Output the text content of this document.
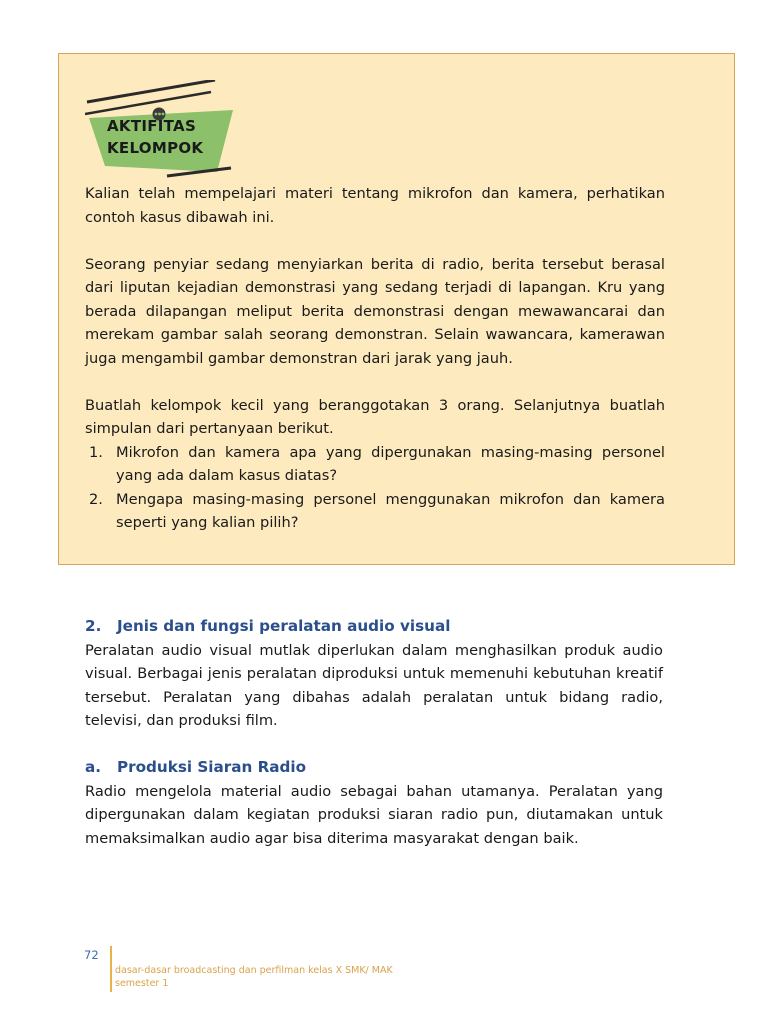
AKTIFITAS
KELOMPOK

Kalian telah mempelajari materi tentang mikrofon dan kamera, perhatikan contoh kasus dibawah ini.

Seorang penyiar sedang menyiarkan berita di radio, berita tersebut berasal dari liputan kejadian demonstrasi yang sedang terjadi di lapangan. Kru yang berada dilapangan meliput berita demonstrasi dengan mewawancarai dan merekam gambar salah seorang demonstran. Selain wawancara, kamerawan juga mengambil gambar demonstran dari jarak yang jauh.

Buatlah kelompok kecil yang beranggotakan 3 orang. Selanjutnya buatlah simpulan dari pertanyaan berikut.

1. Mikrofon dan kamera apa yang dipergunakan masing-masing personel yang ada dalam kasus diatas?
2. Mengapa masing-masing personel menggunakan mikrofon dan kamera seperti yang kalian pilih?
2. Jenis dan fungsi peralatan audio visual

Peralatan audio visual mutlak diperlukan dalam menghasilkan produk audio visual. Berbagai jenis peralatan diproduksi untuk memenuhi kebutuhan kreatif tersebut. Peralatan yang dibahas adalah peralatan untuk bidang radio, televisi, dan produksi film.

a. Produksi Siaran Radio

Radio mengelola material audio sebagai bahan utamanya. Peralatan yang dipergunakan dalam kegiatan produksi siaran radio pun, diutamakan untuk memaksimalkan audio agar bisa diterima masyarakat dengan baik.

72
dasar-dasar broadcasting dan perfilman kelas X SMK/ MAK
semester 1
